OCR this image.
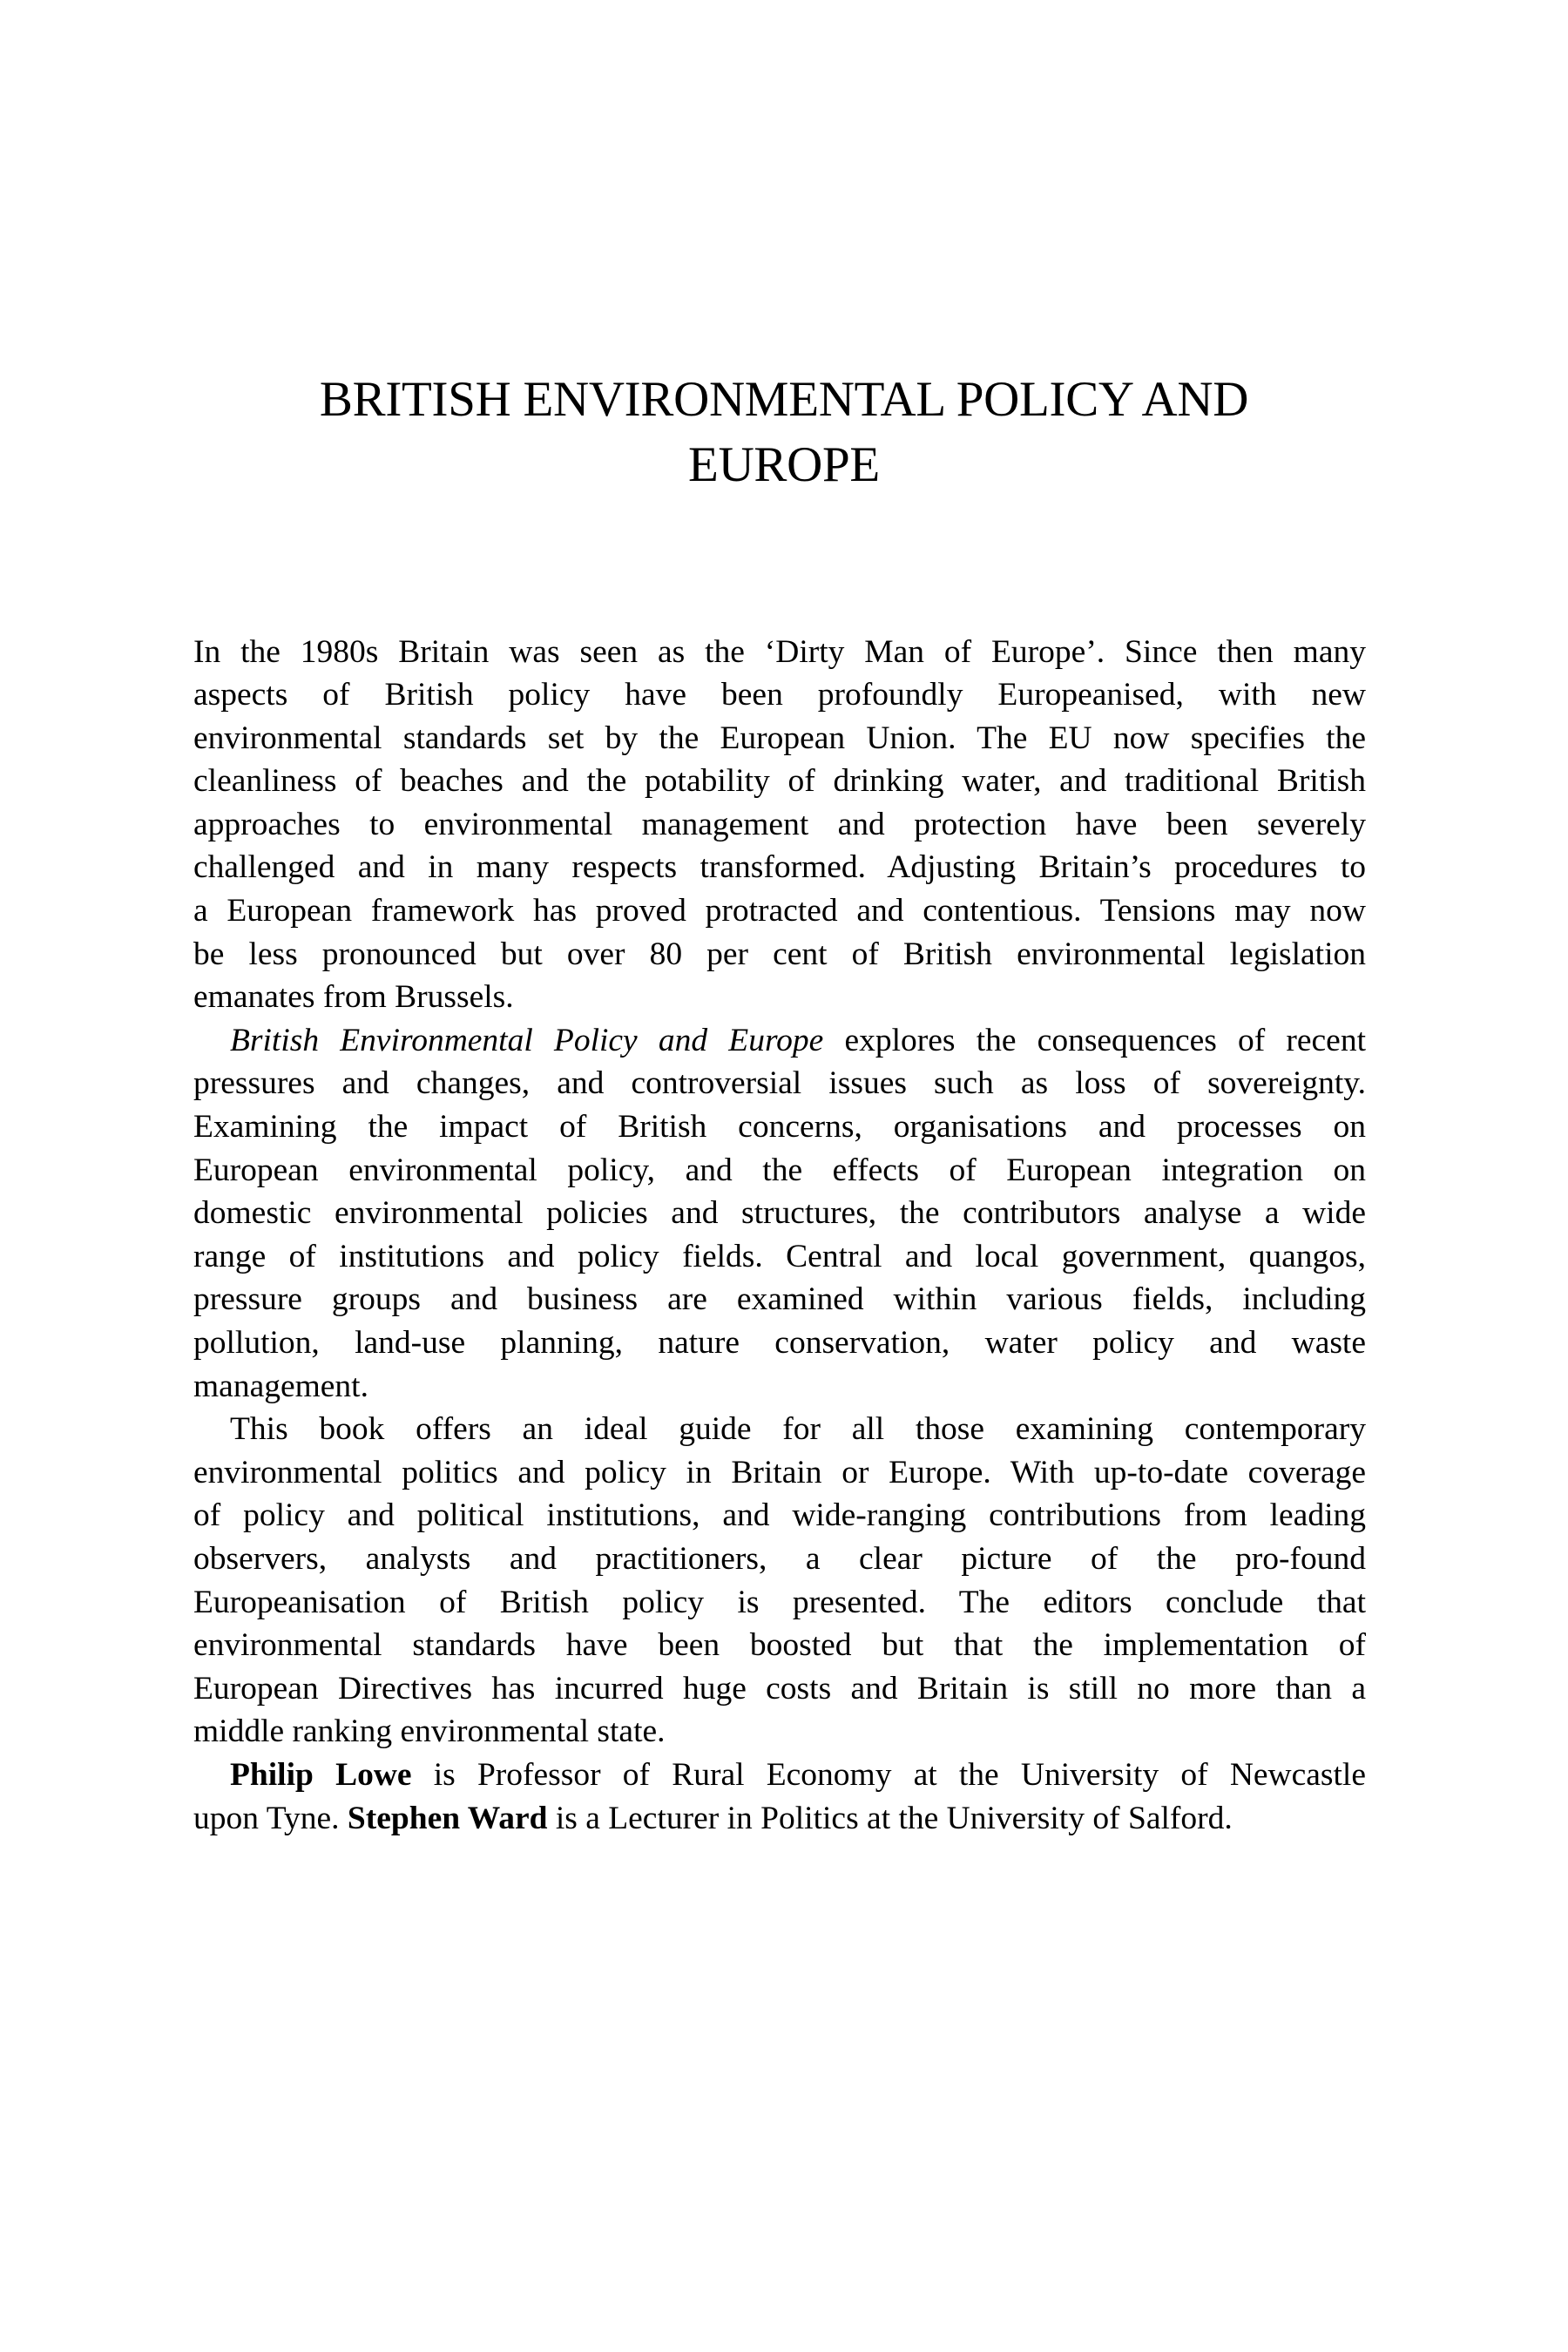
BRITISH ENVIRONMENTAL POLICY AND
EUROPE
In the 1980s Britain was seen as the ‘Dirty Man of Europe’. Since then many
aspects of British policy have been profoundly Europeanised, with new
environmental standards set by the European Union. The EU now specifies the
cleanliness of beaches and the potability of drinking water, and traditional British
approaches to environmental management and protection have been severely
challenged and in many respects transformed. Adjusting Britain’s procedures to
a European framework has proved protracted and contentious. Tensions may now
be less pronounced but over 80 per cent of British environmental legislation
emanates from Brussels.
British Environmental Policy and Europe explores the consequences of recent
pressures and changes, and controversial issues such as loss of sovereignty.
Examining the impact of British concerns, organisations and processes on
European environmental policy, and the effects of European integration on
domestic environmental policies and structures, the contributors analyse a wide
range of institutions and policy fields. Central and local government, quangos,
pressure groups and business are examined within various fields, including
pollution, land-use planning, nature conservation, water policy and waste
management.
This book offers an ideal guide for all those examining contemporary
environmental politics and policy in Britain or Europe. With up-to-date coverage
of policy and political institutions, and wide-ranging contributions from leading
observers, analysts and practitioners, a clear picture of the pro-found
Europeanisation of British policy is presented. The editors conclude that
environmental standards have been boosted but that the implementation of
European Directives has incurred huge costs and Britain is still no more than a
middle ranking environmental state.
Philip Lowe is Professor of Rural Economy at the University of Newcastle
upon Tyne. Stephen Ward is a Lecturer in Politics at the University of Salford.
